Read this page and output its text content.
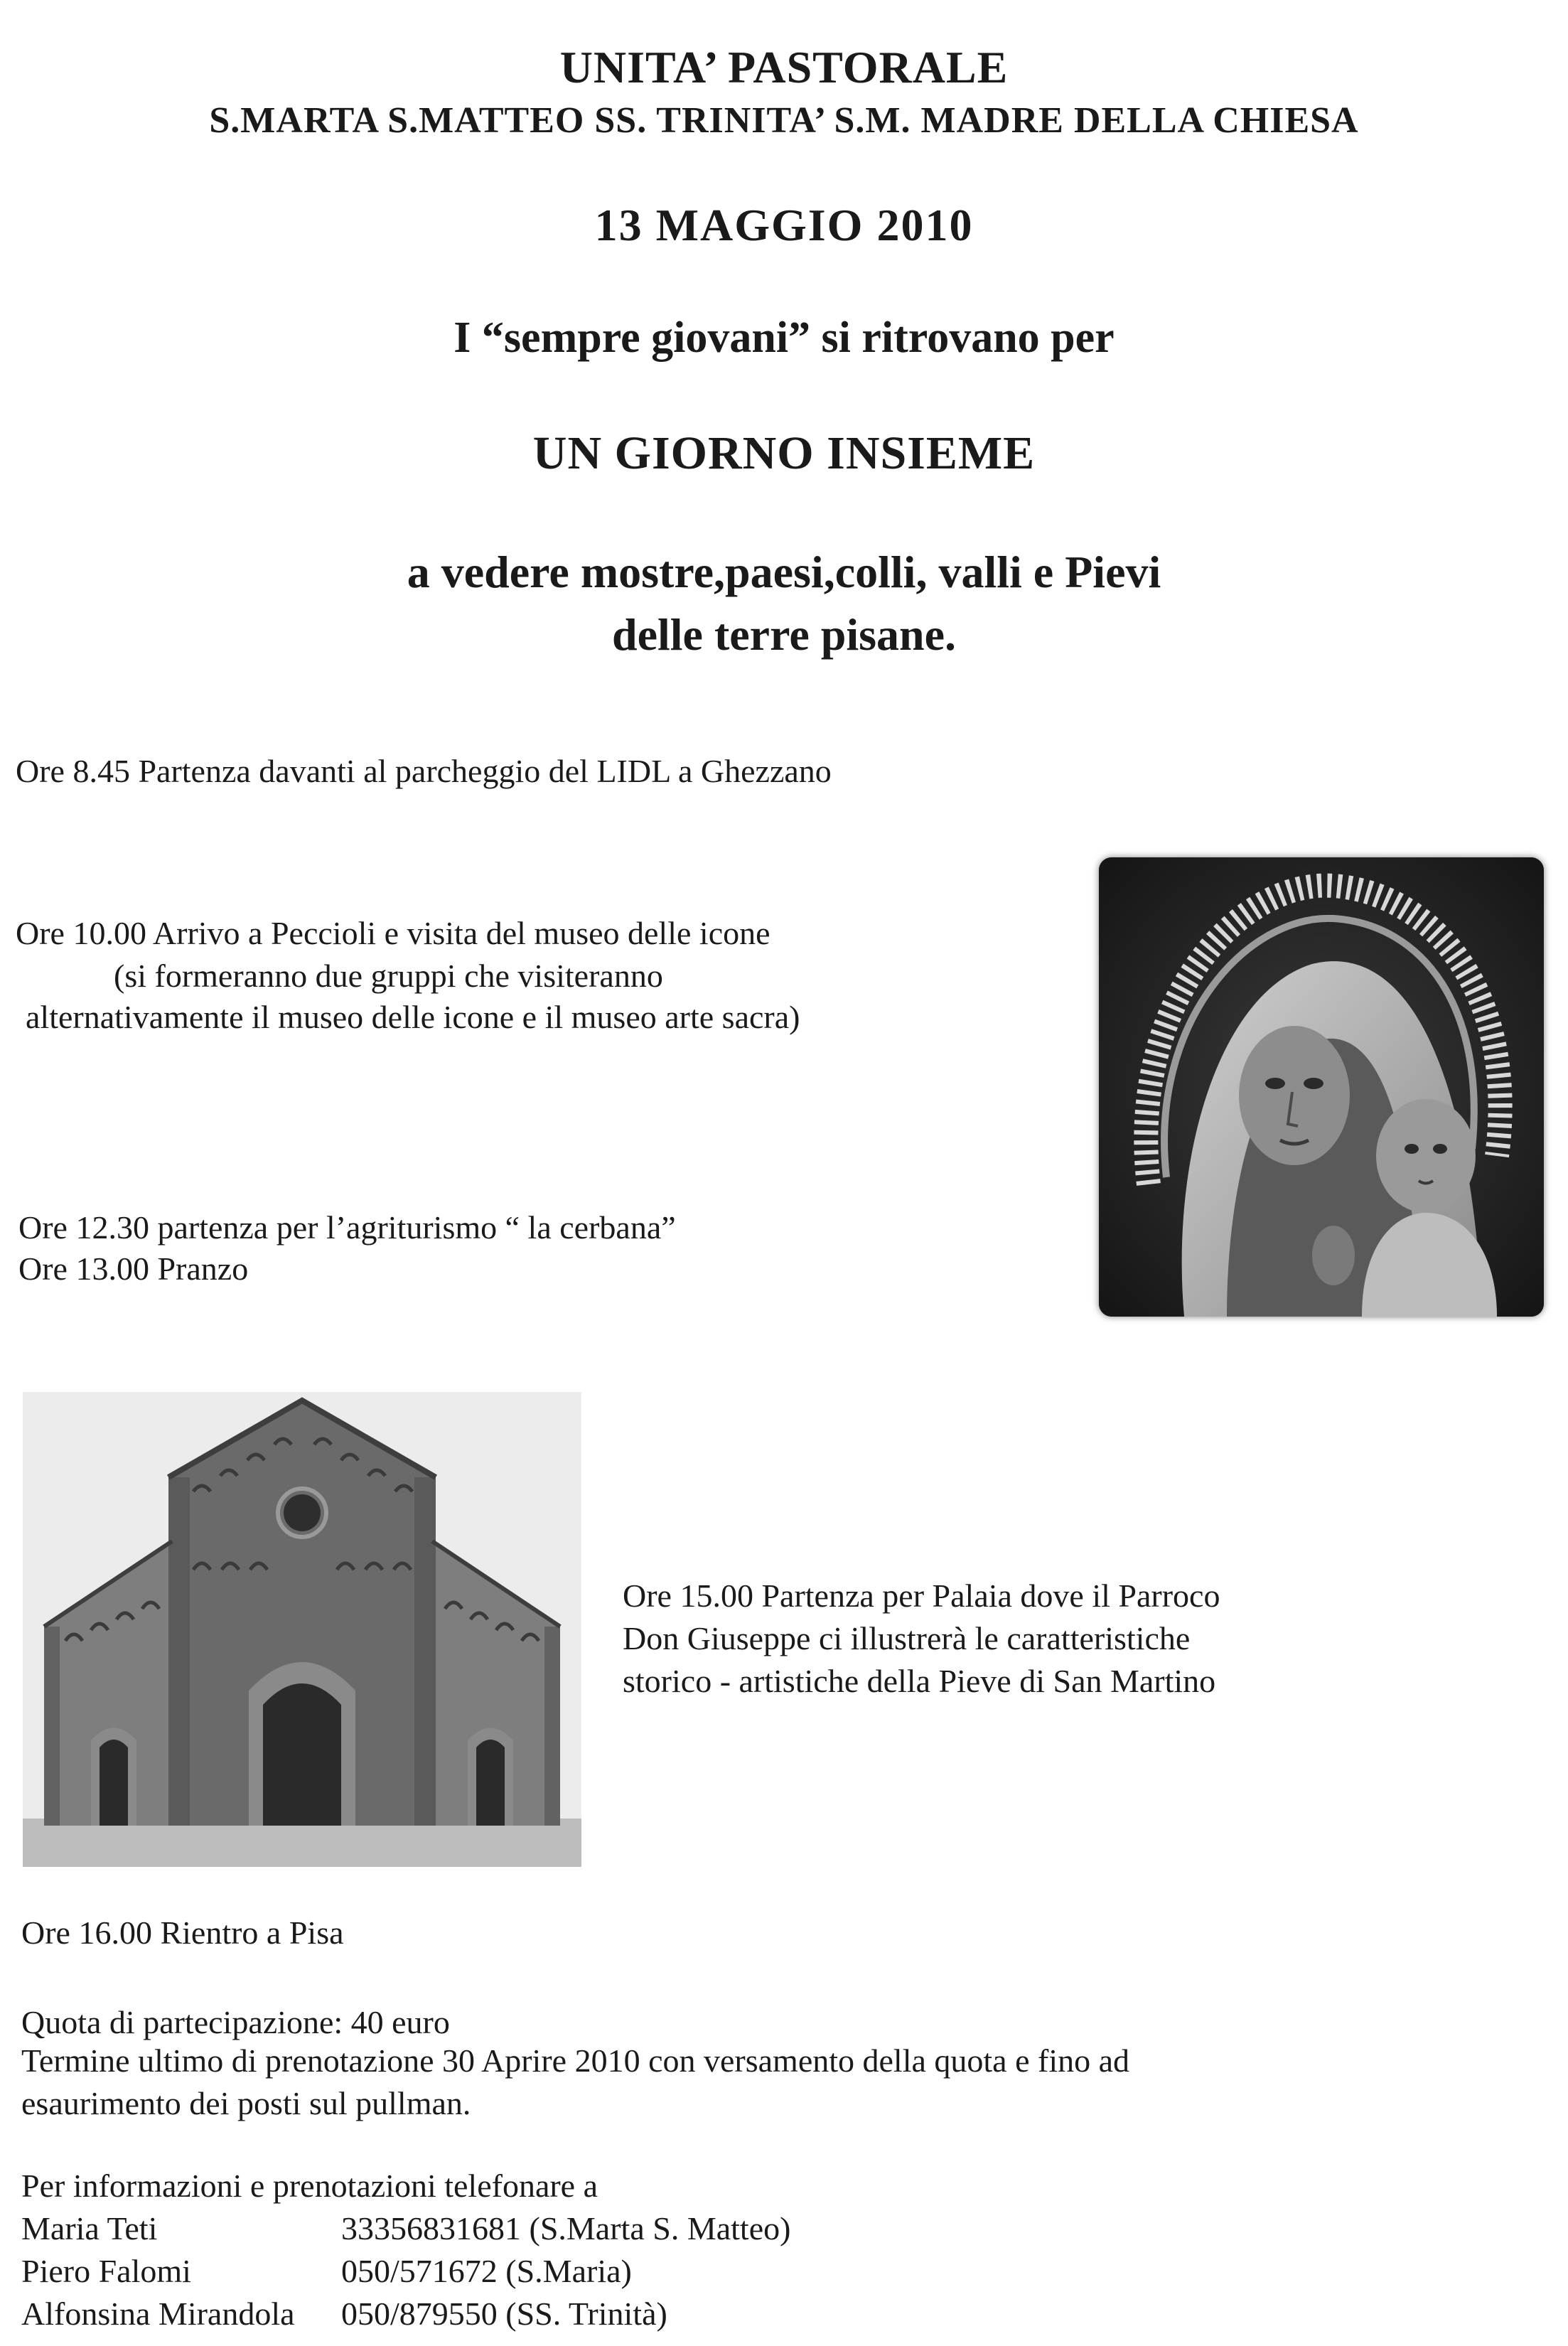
UNITA’ PASTORALE
S.MARTA S.MATTEO SS. TRINITA’ S.M. MADRE DELLA CHIESA
13 MAGGIO 2010
I “sempre giovani” si ritrovano per
UN GIORNO INSIEME
a vedere mostre,paesi,colli, valli e Pievi
delle terre pisane.
Ore 8.45 Partenza davanti al parcheggio del LIDL a Ghezzano
Ore 10.00 Arrivo a Peccioli e visita del museo delle icone
(si formeranno due gruppi che visiteranno
alternativamente il museo delle icone e il museo arte sacra)
Ore 12.30 partenza per l’agriturismo “ la cerbana”
Ore 13.00 Pranzo
Ore 15.00 Partenza per Palaia dove il Parroco
Don Giuseppe ci illustrerà le caratteristiche
storico - artistiche della Pieve di San Martino
Ore 16.00 Rientro a Pisa
Quota di partecipazione: 40 euro
Termine ultimo di prenotazione 30 Aprire 2010 con versamento della quota e fino ad
esaurimento dei posti sul pullman.
Per informazioni e prenotazioni telefonare a
Maria Teti	33356831681 (S.Marta S. Matteo)
Piero Falomi	050/571672 (S.Maria)
Alfonsina Mirandola 050/879550 (SS. Trinità)
